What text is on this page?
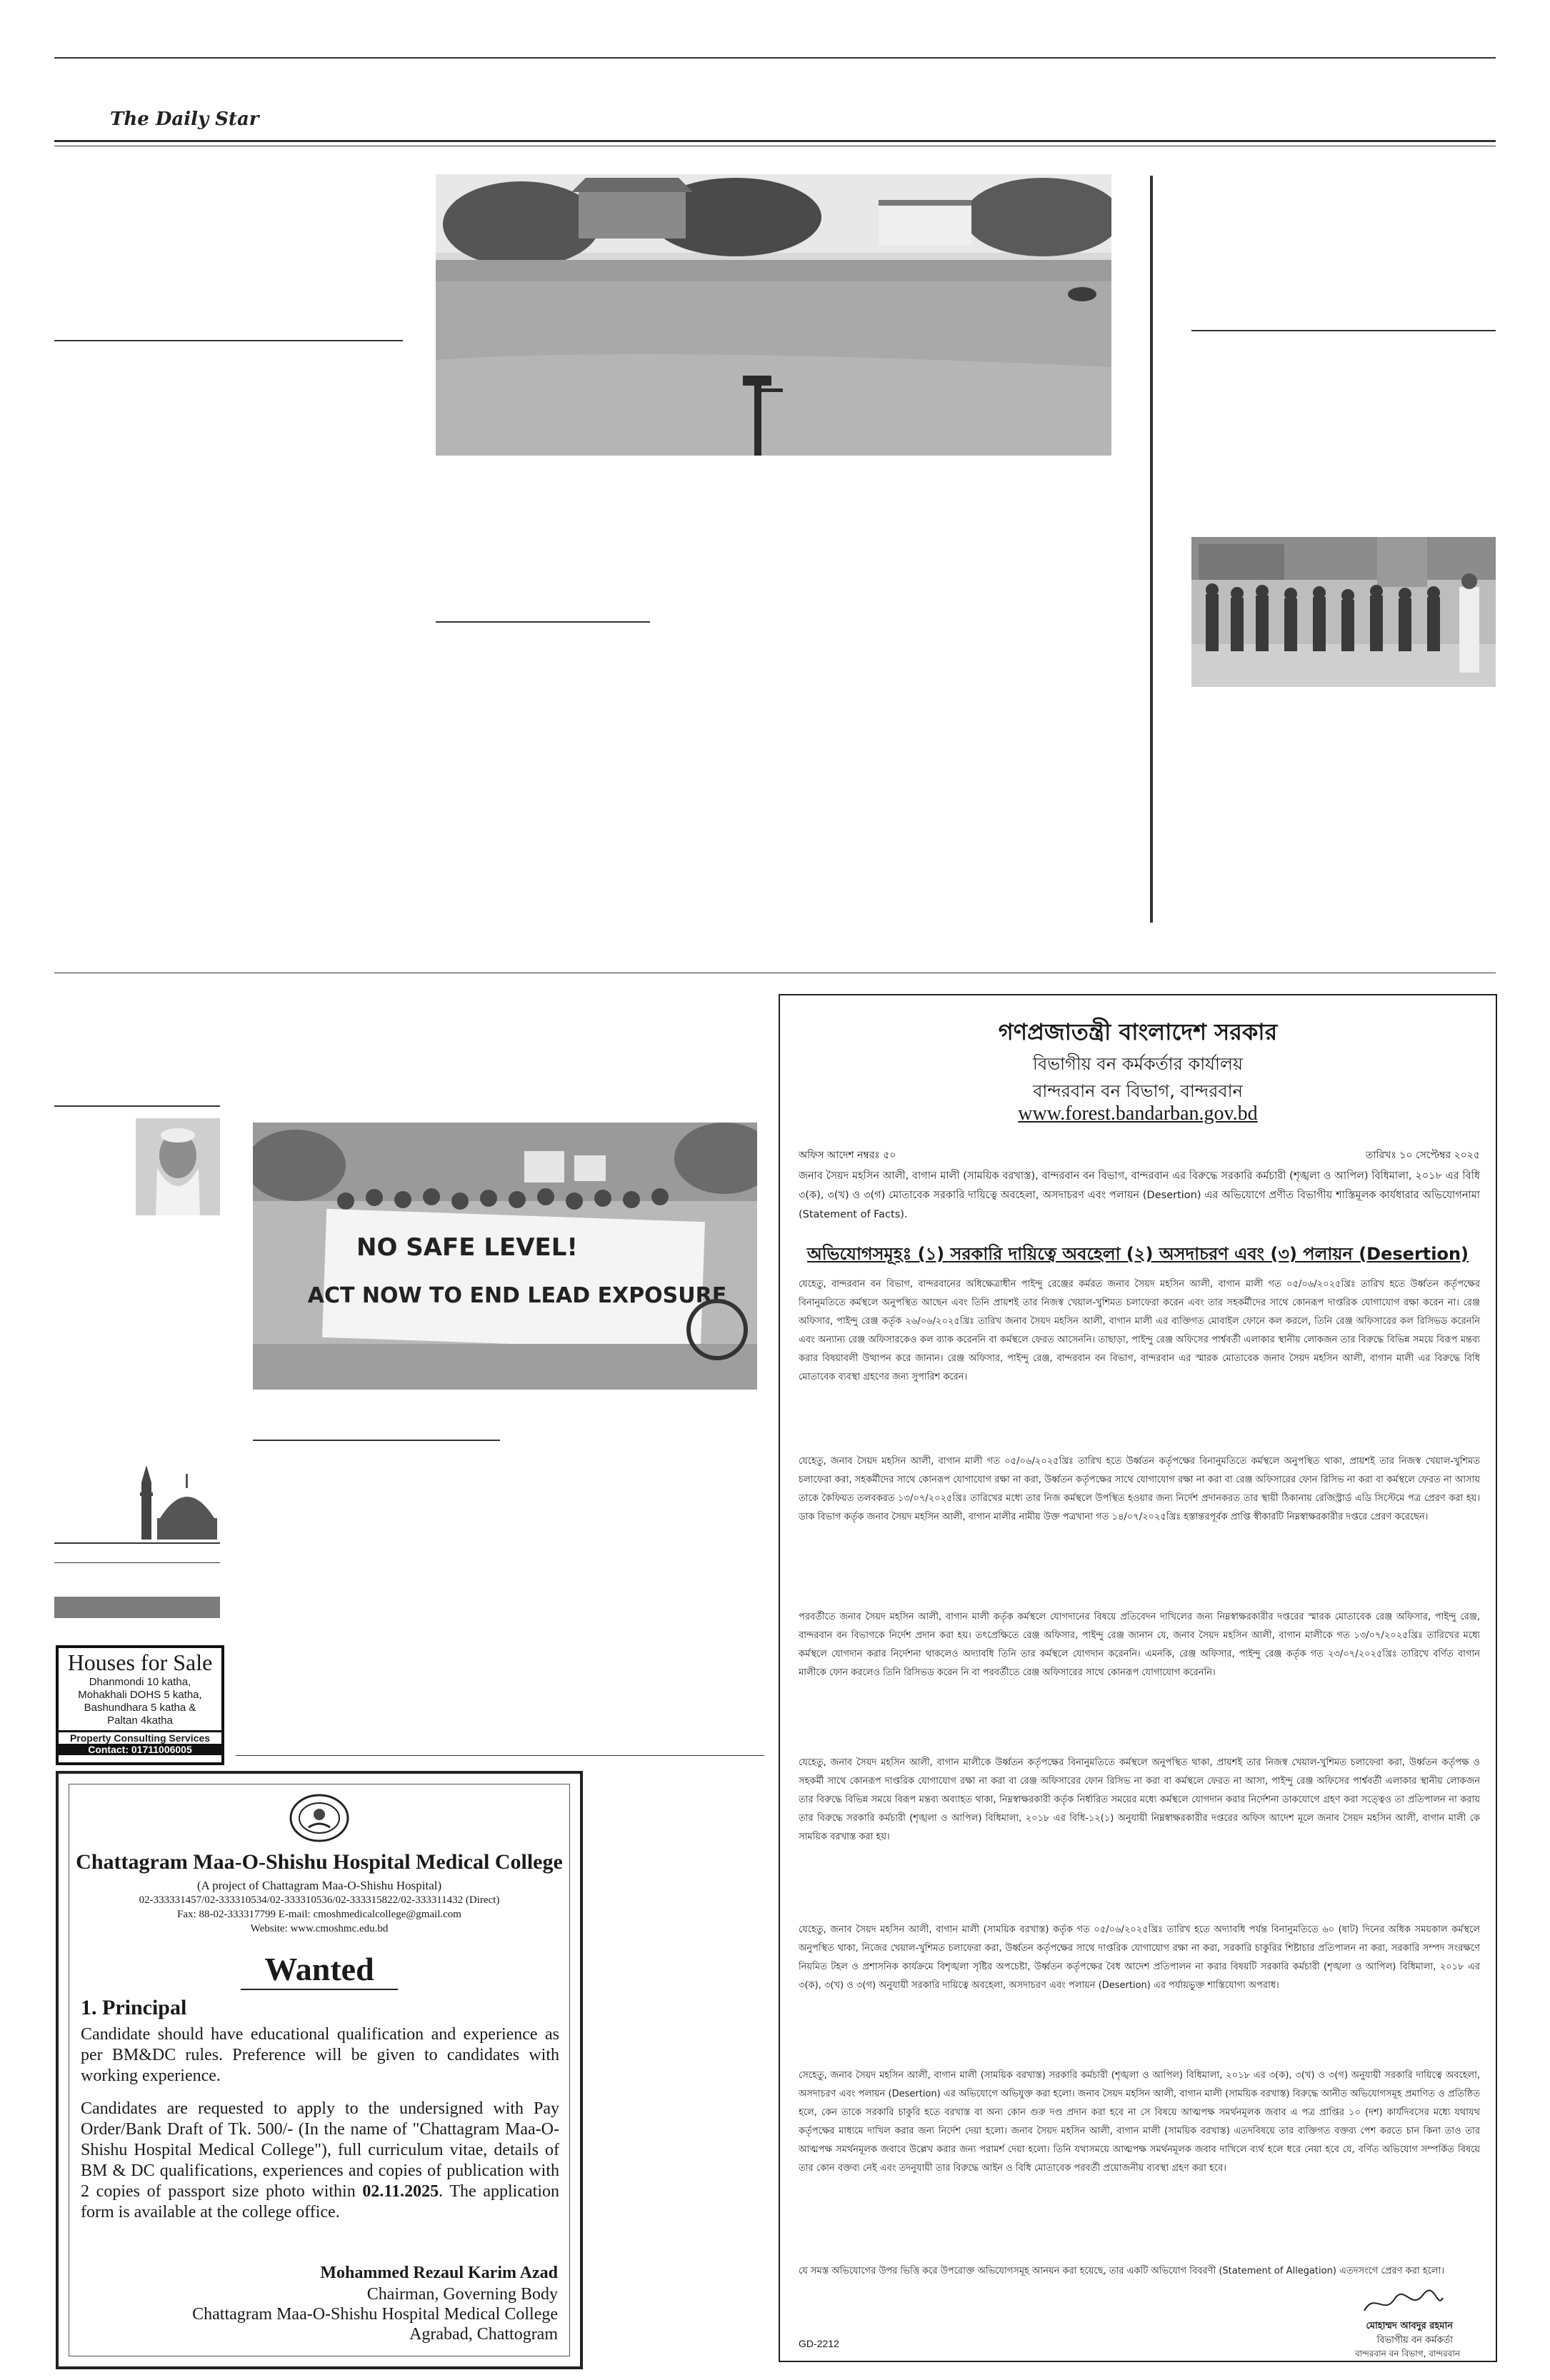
The Daily Star
NO SAFE LEVEL!
ACT NOW TO END LEAD EXPOSURE
Houses for Sale
Dhanmondi 10 katha,
Mohakhali DOHS 5 katha,
Bashundhara 5 katha &
Paltan 4katha
Property Consulting Services
Contact: 01711006005
Chattagram Maa-O-Shishu Hospital Medical College
(A project of Chattagram Maa-O-Shishu Hospital)
02-333331457/02-333310534/02-333310536/02-333315822/02-333311432 (Direct)
Fax: 88-02-333317799 E-mail: cmoshmedicalcollege@gmail.com
Website: www.cmoshmc.edu.bd
Wanted
1. Principal
Candidate should have educational qualification and experience as per BM&DC rules. Preference will be given to candidates with working experience.
Candidates are requested to apply to the undersigned with Pay Order/Bank Draft of Tk. 500/- (In the name of "Chattagram Maa-O-Shishu Hospital Medical College"), full curriculum vitae, details of BM & DC qualifications, experiences and copies of publication with 2 copies of passport size photo within 02.11.2025. The application form is available at the college office.
Mohammed Rezaul Karim Azad
Chairman, Governing Body
Chattagram Maa-O-Shishu Hospital Medical College
Agrabad, Chattogram
গণপ্রজাতন্ত্রী বাংলাদেশ সরকার
বিভাগীয় বন কর্মকর্তার কার্যালয়
বান্দরবান বন বিভাগ, বান্দরবান
www.forest.bandarban.gov.bd
অফিস আদেশ নম্বরঃ ৫০	তারিখঃ ১০ সেপ্টেম্বর ২০২৫
জনাব সৈয়দ মহসিন আলী, বাগান মালী (সাময়িক বরখাস্ত), বান্দরবান বন বিভাগ, বান্দরবান এর বিরুদ্ধে সরকারি কর্মচারী (শৃঙ্খলা ও আপিল) বিধিমালা, ২০১৮ এর বিধি ৩(ক), ৩(খ) ও ৩(গ) মোতাবেক সরকারি দায়িত্বে অবহেলা, অসদাচরণ এবং পলায়ন (Desertion) এর অভিযোগে প্রণীত বিভাগীয় শাস্তিমূলক কার্যধারার অভিযোগনামা (Statement of Facts).
অভিযোগসমূহঃ (১) সরকারি দায়িত্বে অবহেলা (২) অসদাচরণ এবং (৩) পলায়ন (Desertion)
যেহেতু, বান্দরবান বন বিভাগ, বান্দরবানের অধিক্ষেত্রাধীন পাইন্দু রেঞ্জের কর্মরত জনাব সৈয়দ মহসিন আলী, বাগান মালী গত ০৫/০৬/২০২৫খ্রিঃ তারিখ হতে উর্ধ্বতন কর্তৃপক্ষের বিনানুমতিতে কর্মস্থলে অনুপস্থিত আছেন এবং তিনি প্রায়শই তার নিজস্ব খেয়াল-খুশিমত চলাফেরা করেন এবং তার সহকর্মীদের সাথে কোনরূপ দাপ্তরিক যোগাযোগ রক্ষা করেন না। রেঞ্জ অফিসার, পাইন্দু রেঞ্জ কর্তৃক ২৬/০৬/২০২৫খ্রিঃ তারিখ জনাব সৈয়দ মহসিন আলী, বাগান মালী এর ব্যক্তিগত মোবাইল ফোনে কল করলে, তিনি রেঞ্জ অফিসারের কল রিসিভড করেননি এবং অন্যান্য রেঞ্জ অফিসারকেও কল ব্যাক করেননি বা কর্মস্থলে ফেরত আসেননি। তাছাড়া, পাইন্দু রেঞ্জ অফিসের পার্শ্ববর্তী এলাকার স্থানীয় লোকজন তার বিরুদ্ধে বিভিন্ন সময়ে বিরূপ মন্তব্য করার বিষয়াবলী উত্থাপন করে জানান। রেঞ্জ অফিসার, পাইন্দু রেঞ্জ, বান্দরবান বন বিভাগ, বান্দরবান এর স্মারক মোতাবেক জনাব সৈয়দ মহসিন আলী, বাগান মালী এর বিরুদ্ধে বিধি মোতাবেক ব্যবস্থা গ্রহণের জন্য সুপারিশ করেন।
যেহেতু, জনাব সৈয়দ মহসিন আলী, বাগান মালী গত ০৫/০৬/২০২৫খ্রিঃ তারিখ হতে উর্ধ্বতন কর্তৃপক্ষের বিনানুমতিতে কর্মস্থলে অনুপস্থিত থাকা, প্রায়শই তার নিজস্ব খেয়াল-খুশিমত চলাফেরা করা, সহকর্মীদের সাথে কোনরূপ যোগাযোগ রক্ষা না করা, উর্ধ্বতন কর্তৃপক্ষের সাথে যোগাযোগ রক্ষা না করা বা রেঞ্জ অফিসারের ফোন রিসিভ না করা বা কর্মস্থলে ফেরত না আসায় তাকে কৈফিয়ত তলবকরত ১৩/০৭/২০২৫খ্রিঃ তারিখের মধ্যে তার নিজ কর্মস্থলে উপস্থিত হওয়ার জন্য নির্দেশ প্রদানকরত তার স্থায়ী ঠিকানায় রেজিস্ট্রার্ড এডি সিস্টেমে পত্র প্রেরণ করা হয়। ডাক বিভাগ কর্তৃক জনাব সৈয়দ মহসিন আলী, বাগান মালীর নামীয় উক্ত পত্রখানা গত ১৪/০৭/২০২৫খ্রিঃ হস্তান্তরপূর্বক প্রাপ্তি স্বীকারটি নিম্নস্বাক্ষরকারীর দপ্তরে প্রেরণ করেছেন।
পরবর্তীতে জনাব সৈয়দ মহসিন আলী, বাগান মালী কর্তৃক কর্মস্থলে যোগদানের বিষয়ে প্রতিবেদন দাখিলের জন্য নিম্নস্বাক্ষরকারীর দপ্তরের স্মারক মোতাবেক রেঞ্জ অফিসার, পাইন্দু রেঞ্জ, বান্দরবান বন বিভাগকে নির্দেশ প্রদান করা হয়। তৎপ্রেক্ষিতে রেঞ্জ অফিসার, পাইন্দু রেঞ্জ জানান যে, জনাব সৈয়দ মহসিন আলী, বাগান মালীকে গত ১৩/০৭/২০২৫খ্রিঃ তারিখের মধ্যে কর্মস্থলে যোগদান করার নির্দেশনা থাকলেও অদ্যাবধি তিনি তার কর্মস্থলে যোগদান করেননি। এমনকি, রেঞ্জ অফিসার, পাইন্দু রেঞ্জ কর্তৃক গত ২৩/০৭/২০২৫খ্রিঃ তারিখে বর্ণিত বাগান মালীকে ফোন করলেও তিনি রিসিভড করেন নি বা পরবর্তীতে রেঞ্জ অফিসারের সাথে কোনরূপ যোগাযোগ করেননি।
যেহেতু, জনাব সৈয়দ মহসিন আলী, বাগান মালীকে উর্ধ্বতন কর্তৃপক্ষের বিনানুমতিতে কর্মস্থলে অনুপস্থিত থাকা, প্রায়শই তার নিজস্ব খেয়াল-খুশিমত চলাফেরা করা, উর্ধ্বতন কর্তৃপক্ষ ও সহকর্মী সাথে কোনরূপ দাপ্তরিক যোগাযোগ রক্ষা না করা বা রেঞ্জ অফিসারের ফোন রিসিভ না করা বা কর্মস্থলে ফেরত না আসা, পাইন্দু রেঞ্জ অফিসের পার্শ্ববর্তী এলাকার স্থানীয় লোকজন তার বিরুদ্ধে বিভিন্ন সময়ে বিরূপ মন্তব্য অব্যাহত থাকা, নিম্নস্বাক্ষরকারী কর্তৃক নির্ধারিত সময়ের মধ্যে কর্মস্থলে যোগদান করার নির্দেশনা ডাকযোগে গ্রহণ করা সত্ত্বেও তা প্রতিপালন না করায় তার বিরুদ্ধে সরকারি কর্মচারী (শৃঙ্খলা ও আপিল) বিধিমালা, ২০১৮ এর বিধি-১২(১) অনুযায়ী নিম্নস্বাক্ষরকারীর দপ্তরের অফিস আদেশ মূলে জনাব সৈয়দ মহসিন আলী, বাগান মালী কে সাময়িক বরখাস্ত করা হয়।
যেহেতু, জনাব সৈয়দ মহসিন আলী, বাগান মালী (সাময়িক বরখাস্ত) কর্তৃক গত ০৫/০৬/২০২৫খ্রিঃ তারিখ হতে অদ্যাবধি পর্যন্ত বিনানুমতিতে ৬০ (ষাট) দিনের অধিক সময়কাল কর্মস্থলে অনুপস্থিত থাকা, নিজের খেয়াল-খুশিমত চলাফেরা করা, উর্ধ্বতন কর্তৃপক্ষের সাথে দাপ্তরিক যোগাযোগ রক্ষা না করা, সরকারি চাকুরির শিষ্টাচার প্রতিপালন না করা, সরকারি সম্পদ সংরক্ষণে নিয়মিত টহল ও প্রশাসনিক কার্যক্রমে বিশৃঙ্খলা সৃষ্টির অপচেষ্টা, উর্ধ্বতন কর্তৃপক্ষের বৈধ আদেশ প্রতিপালন না করার বিষয়টি সরকারি কর্মচারী (শৃঙ্খলা ও আপিল) বিধিমালা, ২০১৮ এর ৩(ক), ৩(খ) ও ৩(গ) অনুযায়ী সরকারি দায়িত্বে অবহেলা, অসদাচরণ এবং পলায়ন (Desertion) এর পর্যায়ভুক্ত শাস্তিযোগ্য অপরাধ।
সেহেতু, জনাব সৈয়দ মহসিন আলী, বাগান মালী (সাময়িক বরখাস্ত) সরকারি কর্মচারী (শৃঙ্খলা ও আপিল) বিধিমালা, ২০১৮ এর ৩(ক), ৩(খ) ও ৩(গ) অনুযায়ী সরকারি দায়িত্বে অবহেলা, অসদাচরণ এবং পলায়ন (Desertion) এর অভিযোগে অভিযুক্ত করা হলো। জনাব সৈয়দ মহসিন আলী, বাগান মালী (সাময়িক বরখাস্ত) বিরুদ্ধে আনীত অভিযোগসমূহ প্রমাণিত ও প্রতিষ্ঠিত হলে, কেন তাকে সরকারি চাকুরি হতে বরখাস্ত বা অন্য কোন গুরু দণ্ড প্রদান করা হবে না সে বিষয়ে আত্মপক্ষ সমর্থনমূলক জবাব এ পত্র প্রাপ্তির ১০ (দশ) কার্যদিবসের মধ্যে যথাযথ কর্তৃপক্ষের মাধ্যমে দাখিল করার জন্য নির্দেশ দেয়া হলো। জনাব সৈয়দ মহসিন আলী, বাগান মালী (সাময়িক বরখাস্ত) এতদবিষয়ে তার ব্যক্তিগত বক্তব্য পেশ করতে চান কিনা তাও তার আত্মপক্ষ সমর্থনমূলক জবাবে উল্লেখ করার জন্য পরামর্শ দেয়া হলো। তিনি যথাসময়ে আত্মপক্ষ সমর্থনমূলক জবাব দাখিলে ব্যর্থ হলে ধরে নেয়া হবে যে, বর্ণিত অভিযোগ সম্পর্কিত বিষয়ে তার কোন বক্তব্য নেই এবং তদনুযায়ী তার বিরুদ্ধে আইন ও বিধি মোতাবেক পরবর্তী প্রয়োজনীয় ব্যবস্থা গ্রহণ করা হবে।
যে সমস্ত অভিযোগের উপর ভিত্তি করে উপরোক্ত অভিযোগসমূহ আনয়ন করা হয়েছে, তার একটি অভিযোগ বিবরণী (Statement of Allegation) এতদসংগে প্রেরণ করা হলো।
মোহাম্মদ আবদুর রহমান
বিভাগীয় বন কর্মকর্তা
বান্দরবান বন বিভাগ, বান্দরবান
GD-2212
